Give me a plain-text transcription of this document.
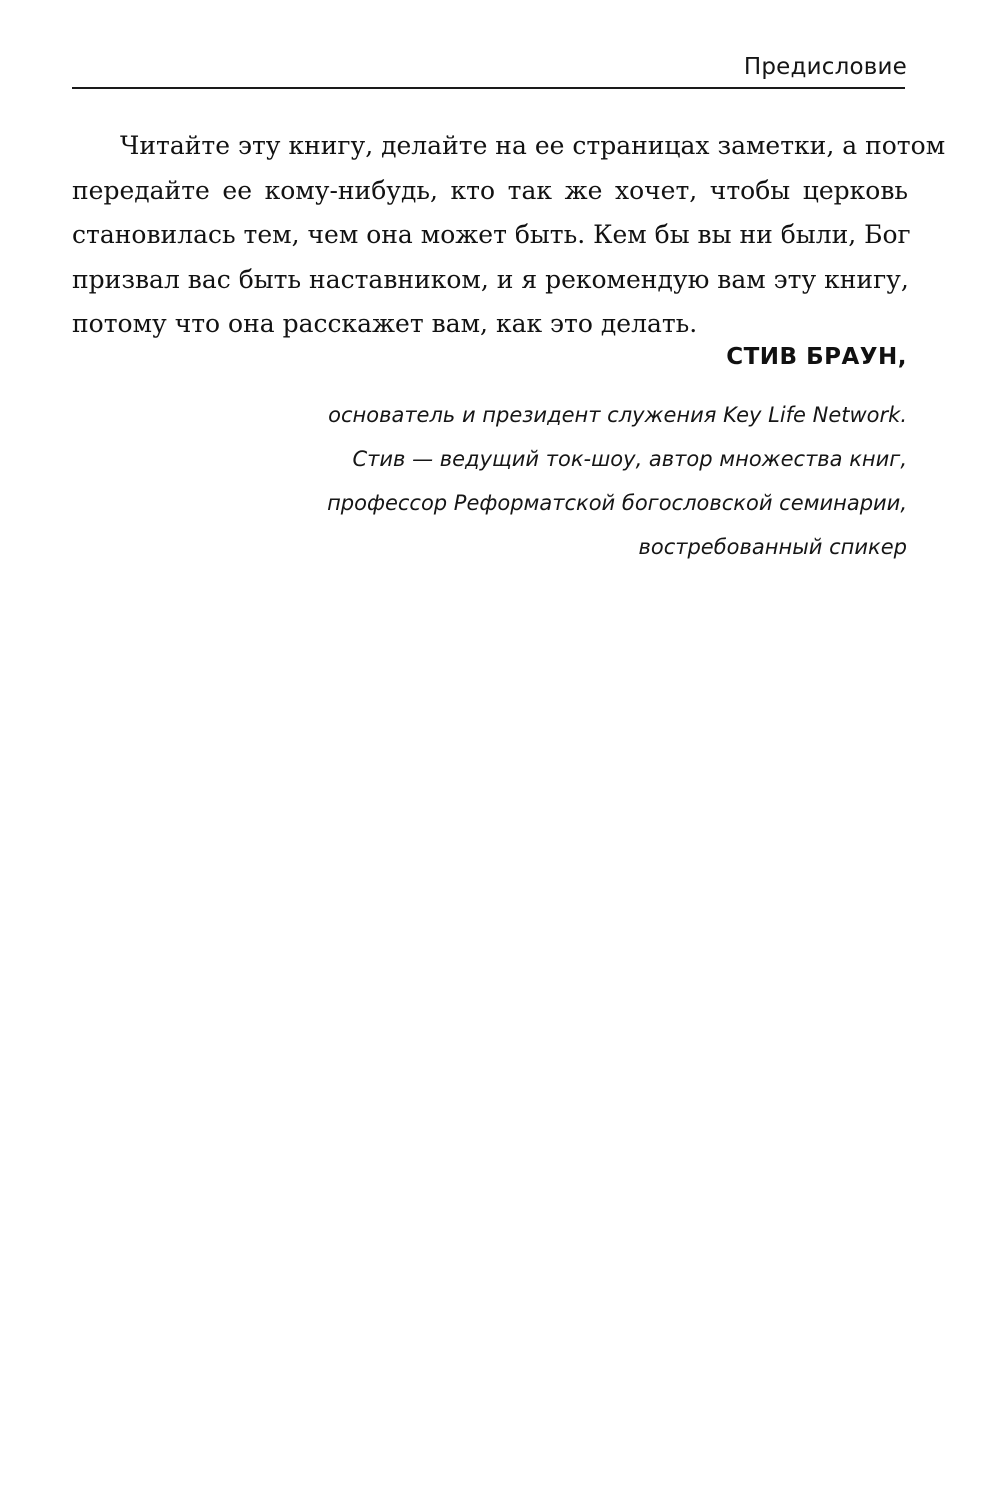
Предисловие
Читайте эту книгу, делайте на ее страницах заметки, а потом
передайте ее кому-нибудь, кто так же хочет, чтобы церковь
становилась тем, чем она может быть. Кем бы вы ни были, Бог
призвал вас быть наставником, и я рекомендую вам эту книгу,
потому что она расскажет вам, как это делать.
СТИВ БРАУН,
основатель и президент служения Key Life Network.
Стив — ведущий ток-шоу, автор множества книг,
профессор Реформатской богословской семинарии,
востребованный спикер
